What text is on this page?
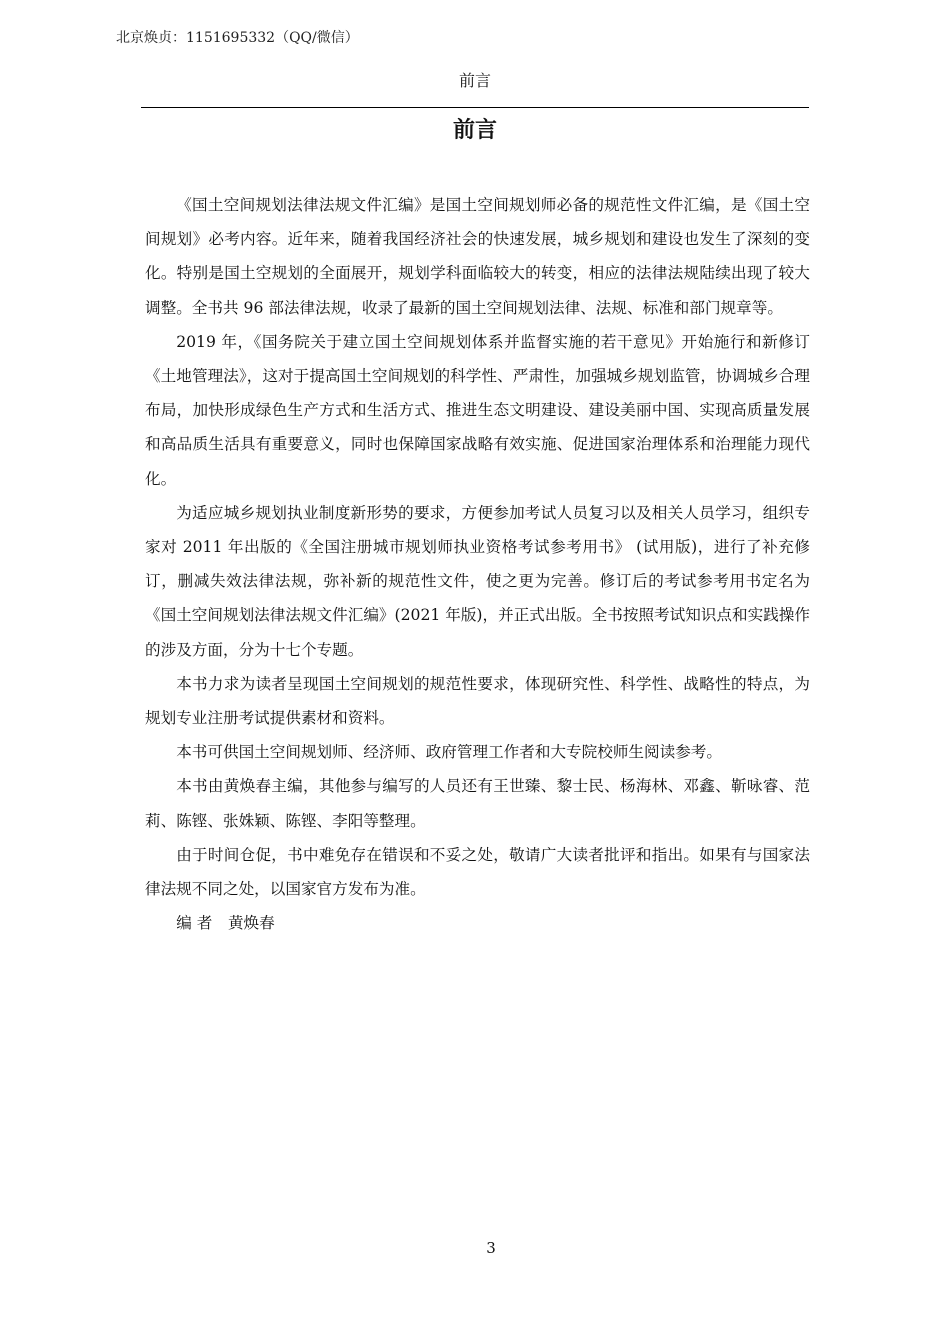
北京焕贞：1151695332（QQ/微信）
前言
前言

《国土空间规划法律法规文件汇编》是国土空间规划师必备的规范性文件汇编，是《国土空间规划》必考内容。近年来，随着我国经济社会的快速发展，城乡规划和建设也发生了深刻的变化。特别是国土空规划的全面展开，规划学科面临较大的转变，相应的法律法规陆续出现了较大调整。全书共 96 部法律法规，收录了最新的国土空间规划法律、法规、标准和部门规章等。

2019 年，《国务院关于建立国土空间规划体系并监督实施的若干意见》开始施行和新修订《土地管理法》，这对于提高国土空间规划的科学性、严肃性，加强城乡规划监管，协调城乡合理布局，加快形成绿色生产方式和生活方式、推进生态文明建设、建设美丽中国、实现高质量发展和高品质生活具有重要意义，同时也保障国家战略有效实施、促进国家治理体系和治理能力现代化。

为适应城乡规划执业制度新形势的要求，方便参加考试人员复习以及相关人员学习，组织专家对 2011 年出版的《全国注册城市规划师执业资格考试参考用书》 (试用版)，进行了补充修订，删减失效法律法规，弥补新的规范性文件，使之更为完善。修订后的考试参考用书定名为《国土空间规划法律法规文件汇编》(2021 年版)，并正式出版。全书按照考试知识点和实践操作的涉及方面，分为十七个专题。

本书力求为读者呈现国土空间规划的规范性要求，体现研究性、科学性、战略性的特点，为规划专业注册考试提供素材和资料。

本书可供国土空间规划师、经济师、政府管理工作者和大专院校师生阅读参考。

本书由黄焕春主编，其他参与编写的人员还有王世臻、黎士民、杨海林、邓鑫、靳咏睿、范莉、陈铿、张姝颖、陈铿、李阳等整理。

由于时间仓促，书中难免存在错误和不妥之处，敬请广大读者批评和指出。如果有与国家法律法规不同之处，以国家官方发布为准。

编 者 黄焕春
3
